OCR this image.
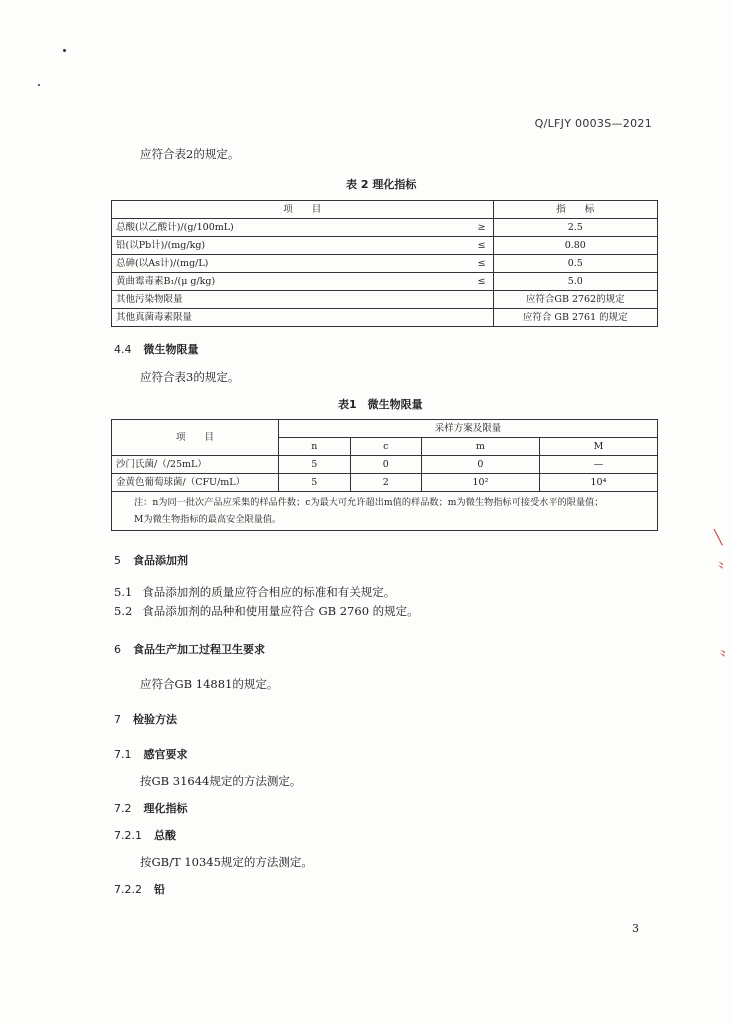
Q/LFJY 0003S—2021
应符合表2的规定。
表 2 理化指标
项　　目		指　　标
总酸(以乙酸计)/(g/100mL)	≥	2.5
铅(以Pb计)/(mg/kg)	≤	0.80
总砷(以As计)/(mg/L)	≤	0.5
黄曲霉毒素B₁/(μ g/kg)	≤	5.0
其他污染物限量		应符合GB 2762的规定
其他真菌毒素限量		应符合 GB 2761 的规定
4.4 微生物限量
应符合表3的规定。
表1　微生物限量
项　　目	采样方案及限量			
	n	c	m	M
沙门氏菌/（/25mL）	5	0	0	—
金黄色葡萄球菌/（CFU/mL）	5	2	10²	10⁴

注：n为同一批次产品应采集的样品件数；c为最大可允许超出m值的样品数；m为微生物指标可接受水平的限量值；
M为微生物指标的最高安全限量值。				
5 食品添加剂
5.1 食品添加剂的质量应符合相应的标准和有关规定。
5.2 食品添加剂的品种和使用量应符合 GB 2760 的规定。
6 食品生产加工过程卫生要求
应符合GB 14881的规定。
7 检验方法
7.1 感官要求
按GB 31644规定的方法测定。
7.2 理化指标
7.2.1 总酸
按GB/T 10345规定的方法测定。
7.2.2 铅
3
╲
⺀
⺀
